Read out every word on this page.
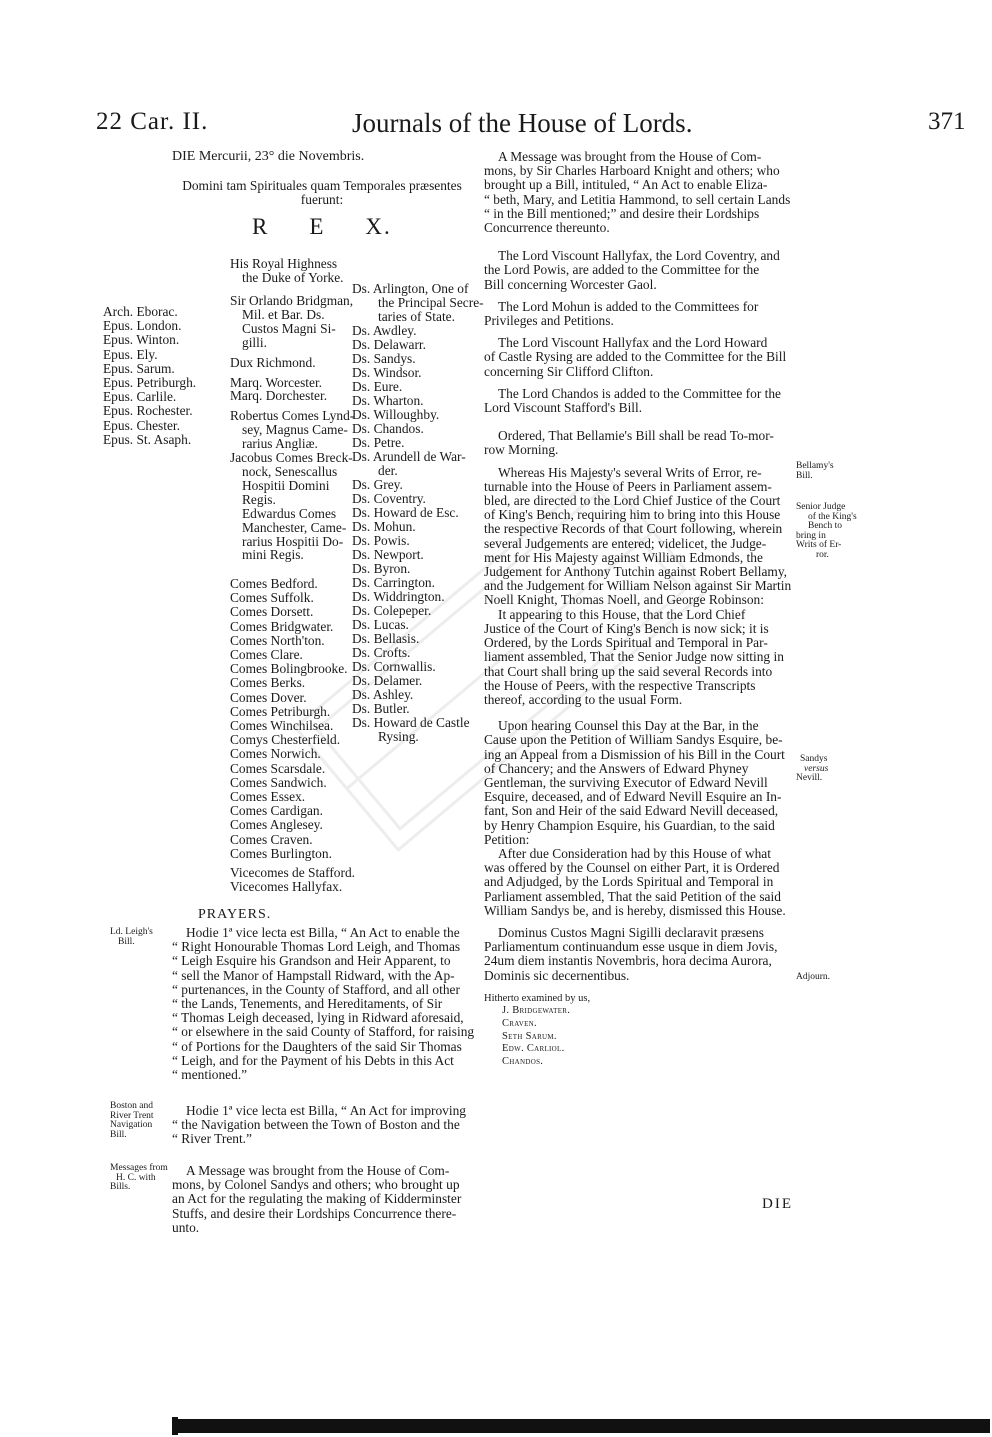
22 Car. II.	Journals of the House of Lords.	371
DIE Mercurii, 23° die Novembris.

Domini tam Spirituales quam Temporales præsentes

fuerunt:

R E X.

Arch. Eborac.

Epus. London.

Epus. Winton.

Epus. Ely.

Epus. Sarum.

Epus. Petriburgh.

Epus. Carlile.

Epus. Rochester.

Epus. Chester.

Epus. St. Asaph.

His Royal Highness

the Duke of Yorke.

Sir Orlando Bridgman,

Mil. et Bar. Ds.

Custos Magni Si-

gilli.

Dux Richmond.

Marq. Worcester.

Marq. Dorchester.

Robertus Comes Lynd-

sey, Magnus Came-

rarius Angliæ.

Jacobus Comes Breck-

nock, Senescallus

Hospitii Domini

Regis.

Edwardus Comes

Manchester, Came-

rarius Hospitii Do-

mini Regis.

Comes Bedford.

Comes Suffolk.

Comes Dorsett.

Comes Bridgwater.

Comes North'ton.

Comes Clare.

Comes Bolingbrooke.

Comes Berks.

Comes Dover.

Comes Petriburgh.

Comes Winchilsea.

Comys Chesterfield.

Comes Norwich.

Comes Scarsdale.

Comes Sandwich.

Comes Essex.

Comes Cardigan.

Comes Anglesey.

Comes Craven.

Comes Burlington.

Vicecomes de Stafford.

Vicecomes Hallyfax.

Ds. Arlington, One of

the Principal Secre-

taries of State.

Ds. Awdley.

Ds. Delawarr.

Ds. Sandys.

Ds. Windsor.

Ds. Eure.

Ds. Wharton.

Ds. Willoughby.

Ds. Chandos.

Ds. Petre.

Ds. Arundell de War-

der.

Ds. Grey.

Ds. Coventry.

Ds. Howard de Esc.

Ds. Mohun.

Ds. Powis.

Ds. Newport.

Ds. Byron.

Ds. Carrington.

Ds. Widdrington.

Ds. Colepeper.

Ds. Lucas.

Ds. Bellasis.

Ds. Crofts.

Ds. Cornwallis.

Ds. Delamer.

Ds. Ashley.

Ds. Butler.

Ds. Howard de Castle

Rysing.

PRAYERS.

Ld. Leigh's

Bill.

Hodie 1ª vice lecta est Billa, “ An Act to enable the

“ Right Honourable Thomas Lord Leigh, and Thomas

“ Leigh Esquire his Grandson and Heir Apparent, to

“ sell the Manor of Hampstall Ridward, with the Ap-

“ purtenances, in the County of Stafford, and all other

“ the Lands, Tenements, and Hereditaments, of Sir

“ Thomas Leigh deceased, lying in Ridward aforesaid,

“ or elsewhere in the said County of Stafford, for raising

“ of Portions for the Daughters of the said Sir Thomas

“ Leigh, and for the Payment of his Debts in this Act

“ mentioned.”

Boston and

River Trent

Navigation

Bill.

Hodie 1ª vice lecta est Billa, “ An Act for improving

“ the Navigation between the Town of Boston and the

“ River Trent.”

Messages from

H. C. with

Bills.

A Message was brought from the House of Com-

mons, by Colonel Sandys and others; who brought up

an Act for the regulating the making of Kidderminster

Stuffs, and desire their Lordships Concurrence there-

unto.

A Message was brought from the House of Com-

mons, by Sir Charles Harboard Knight and others; who

brought up a Bill, intituled, “ An Act to enable Eliza-

“ beth, Mary, and Letitia Hammond, to sell certain Lands

“ in the Bill mentioned;” and desire their Lordships

Concurrence thereunto.

The Lord Viscount Hallyfax, the Lord Coventry, and

the Lord Powis, are added to the Committee for the

Bill concerning Worcester Gaol.

The Lord Mohun is added to the Committees for

Privileges and Petitions.

The Lord Viscount Hallyfax and the Lord Howard

of Castle Rysing are added to the Committee for the Bill

concerning Sir Clifford Clifton.

The Lord Chandos is added to the Committee for the

Lord Viscount Stafford's Bill.

Ordered, That Bellamie's Bill shall be read To-mor-

row Morning.

Whereas His Majesty's several Writs of Error, re-

turnable into the House of Peers in Parliament assem-

bled, are directed to the Lord Chief Justice of the Court

of King's Bench, requiring him to bring into this House

the respective Records of that Court following, wherein

several Judgements are entered; videlicet, the Judge-

ment for His Majesty against William Edmonds, the

Judgement for Anthony Tutchin against Robert Bellamy,

and the Judgement for William Nelson against Sir Martin

Noell Knight, Thomas Noell, and George Robinson:

It appearing to this House, that the Lord Chief

Justice of the Court of King's Bench is now sick; it is

Ordered, by the Lords Spiritual and Temporal in Par-

liament assembled, That the Senior Judge now sitting in

that Court shall bring up the said several Records into

the House of Peers, with the respective Transcripts

thereof, according to the usual Form.

Upon hearing Counsel this Day at the Bar, in the

Cause upon the Petition of William Sandys Esquire, be-

ing an Appeal from a Dismission of his Bill in the Court

of Chancery; and the Answers of Edward Phyney

Gentleman, the surviving Executor of Edward Nevill

Esquire, deceased, and of Edward Nevill Esquire an In-

fant, Son and Heir of the said Edward Nevill deceased,

by Henry Champion Esquire, his Guardian, to the said

Petition:

After due Consideration had by this House of what

was offered by the Counsel on either Part, it is Ordered

and Adjudged, by the Lords Spiritual and Temporal in

Parliament assembled, That the said Petition of the said

William Sandys be, and is hereby, dismissed this House.

Dominus Custos Magni Sigilli declaravit præsens

Parliamentum continuandum esse usque in diem Jovis,

24um diem instantis Novembris, hora decima Aurora,

Dominis sic decernentibus.

Hitherto examined by us,

J. Bridgewater.

Craven.

Seth Sarum.

Edw. Carliol.

Chandos.

Bellamy's

Bill.

Senior Judge

of the King's

Bench to

bring in

Writs of Er-

ror.

Sandys

versus

Nevill.

Adjourn.

DIE
